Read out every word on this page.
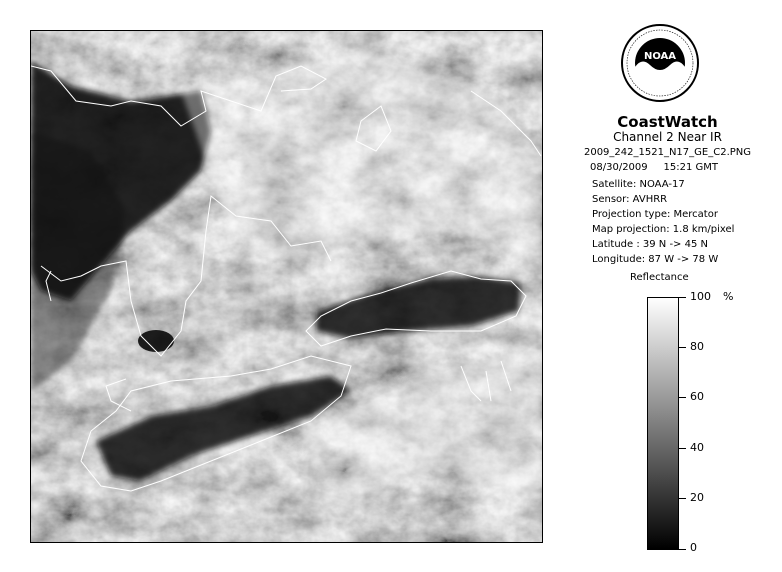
NOAA
CoastWatch
Channel 2 Near IR
2009_242_1521_N17_GE_C2.PNG
08/30/2009 15:21 GMT
Satellite: NOAA-17
Sensor: AVHRR
Projection type: Mercator
Map projection: 1.8 km/pixel
Latitude : 39 N -> 45 N
Longitude: 87 W -> 78 W
Reflectance
%
100
80
60
40
20
0
